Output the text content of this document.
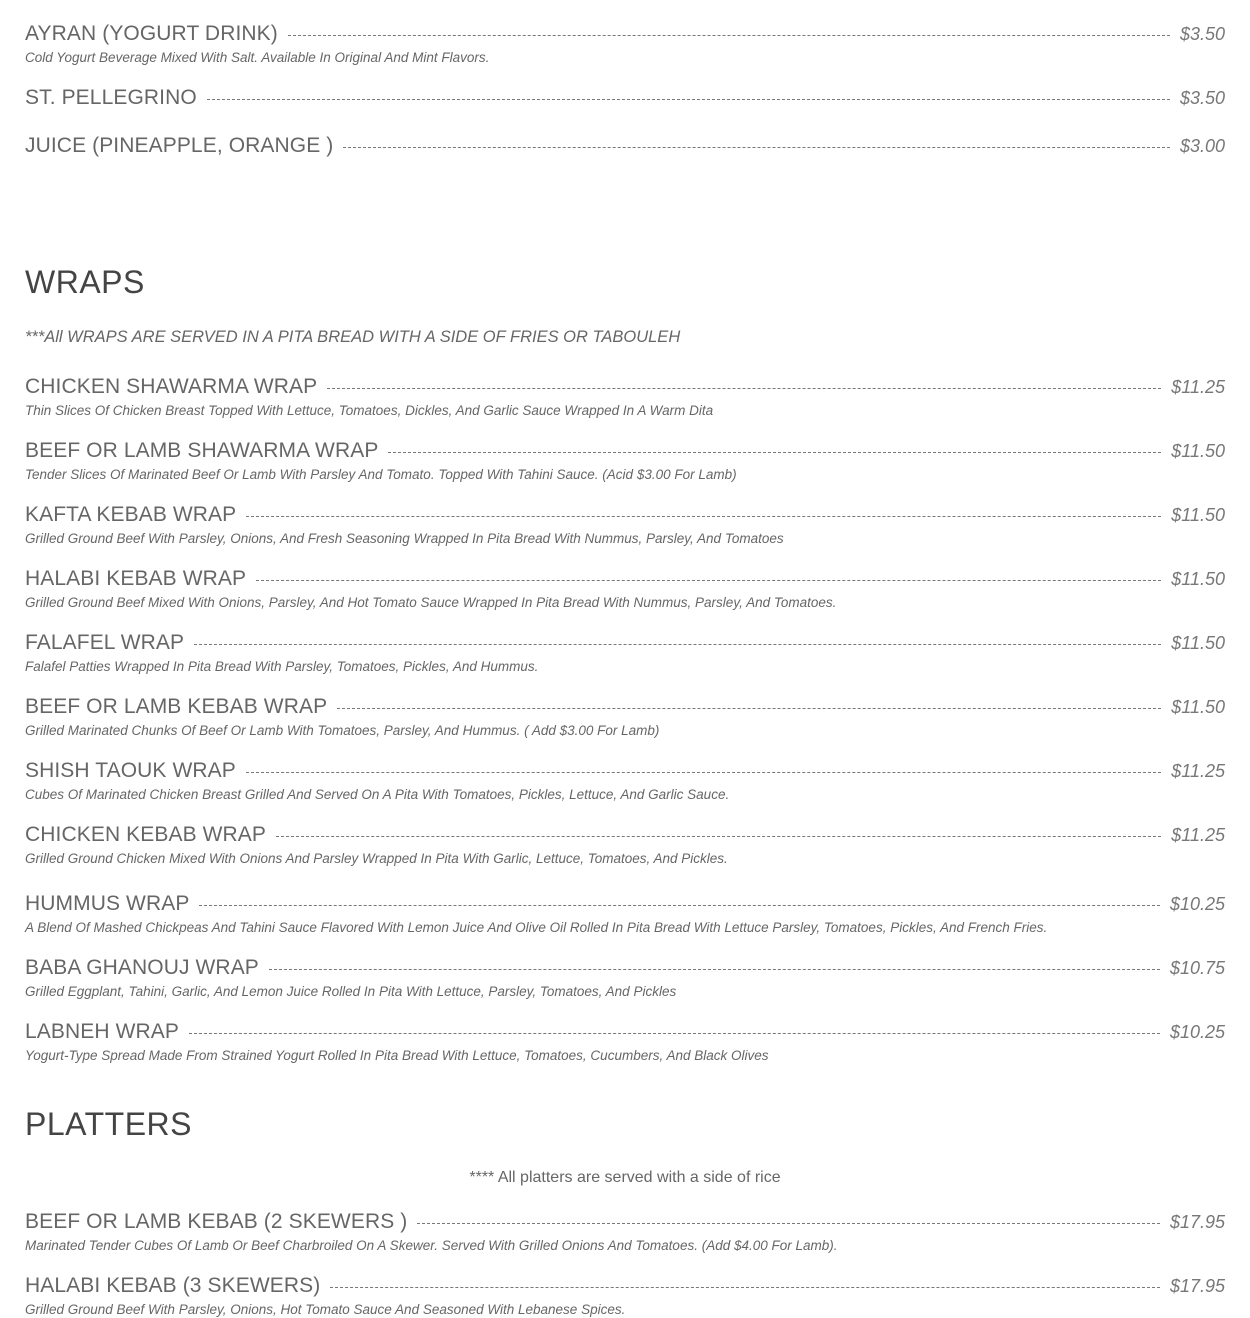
AYRAN (YOGURT DRINK)	$3.50
Cold Yogurt Beverage Mixed With Salt. Available In Original And Mint Flavors.
ST. PELLEGRINO	$3.50
JUICE (PINEAPPLE, ORANGE )	$3.00
WRAPS
***All WRAPS ARE SERVED IN A PITA BREAD WITH A SIDE OF FRIES OR TABOULEH
CHICKEN SHAWARMA WRAP	$11.25
Thin Slices Of Chicken Breast Topped With Lettuce, Tomatoes, Dickles, And Garlic Sauce Wrapped In A Warm Dita
BEEF OR LAMB SHAWARMA WRAP	$11.50
Tender Slices Of Marinated Beef Or Lamb With Parsley And Tomato. Topped With Tahini Sauce. (Acid $3.00 For Lamb)
KAFTA KEBAB WRAP	$11.50
Grilled Ground Beef With Parsley, Onions, And Fresh Seasoning Wrapped In Pita Bread With Nummus, Parsley, And Tomatoes
HALABI KEBAB WRAP	$11.50
Grilled Ground Beef Mixed With Onions, Parsley, And Hot Tomato Sauce Wrapped In Pita Bread With Nummus, Parsley, And Tomatoes.
FALAFEL WRAP	$11.50
Falafel Patties Wrapped In Pita Bread With Parsley, Tomatoes, Pickles, And Hummus.
BEEF OR LAMB KEBAB WRAP	$11.50
Grilled Marinated Chunks Of Beef Or Lamb With Tomatoes, Parsley, And Hummus. ( Add $3.00 For Lamb)
SHISH TAOUK WRAP	$11.25
Cubes Of Marinated Chicken Breast Grilled And Served On A Pita With Tomatoes, Pickles, Lettuce, And Garlic Sauce.
CHICKEN KEBAB WRAP	$11.25
Grilled Ground Chicken Mixed With Onions And Parsley Wrapped In Pita With Garlic, Lettuce, Tomatoes, And Pickles.
HUMMUS WRAP	$10.25
A Blend Of Mashed Chickpeas And Tahini Sauce Flavored With Lemon Juice And Olive Oil Rolled In Pita Bread With Lettuce Parsley, Tomatoes, Pickles, And French Fries.
BABA GHANOUJ WRAP	$10.75
Grilled Eggplant, Tahini, Garlic, And Lemon Juice Rolled In Pita With Lettuce, Parsley, Tomatoes, And Pickles
LABNEH WRAP	$10.25
Yogurt-Type Spread Made From Strained Yogurt Rolled In Pita Bread With Lettuce, Tomatoes, Cucumbers, And Black Olives
PLATTERS
**** All platters are served with a side of rice
BEEF OR LAMB KEBAB (2 SKEWERS )	$17.95
Marinated Tender Cubes Of Lamb Or Beef Charbroiled On A Skewer. Served With Grilled Onions And Tomatoes. (Add $4.00 For Lamb).
HALABI KEBAB (3 SKEWERS)	$17.95
Grilled Ground Beef With Parsley, Onions, Hot Tomato Sauce And Seasoned With Lebanese Spices.
